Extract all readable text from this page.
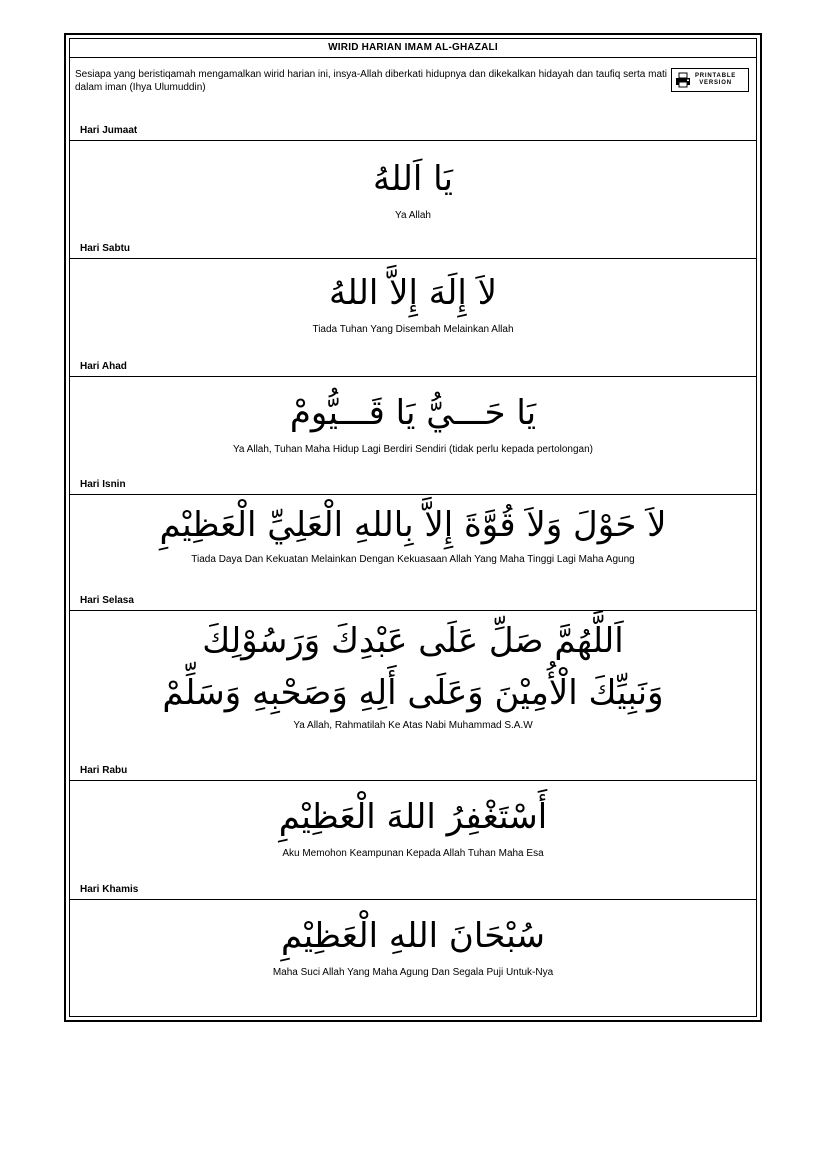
WIRID HARIAN IMAM AL-GHAZALI
Sesiapa yang beristiqamah mengamalkan wirid harian ini, insya-Allah diberkati hidupnya dan dikekalkan hidayah dan taufiq serta mati dalam iman (Ihya Ulumuddin)
PRINTABLE
VERSION
Hari Jumaat
يَا اَللهُ
Ya Allah
Hari Sabtu
لاَ إِلَهَ إِلاَّ اللهُ
Tiada Tuhan Yang Disembah Melainkan Allah
Hari Ahad
يَا حَـــيُّ يَا قَـــيُّومْ
Ya Allah, Tuhan Maha Hidup Lagi Berdiri Sendiri (tidak perlu kepada pertolongan)
Hari Isnin
لاَ حَوْلَ وَلاَ قُوَّةَ إِلاَّ بِاللهِ الْعَلِيِّ الْعَظِيْمِ
Tiada Daya Dan Kekuatan Melainkan Dengan Kekuasaan Allah Yang Maha Tinggi Lagi Maha Agung
Hari Selasa
اَللَّهُمَّ صَلِّ عَلَى عَبْدِكَ وَرَسُوْلِكَ
وَنَبِيِّكَ الْأُمِيْنَ وَعَلَى أَلِهِ وَصَحْبِهِ وَسَلِّمْ
Ya Allah, Rahmatilah Ke Atas Nabi Muhammad S.A.W
Hari Rabu
أَسْتَغْفِرُ اللهَ الْعَظِيْمِ
Aku Memohon Keampunan Kepada Allah Tuhan Maha Esa
Hari Khamis
سُبْحَانَ اللهِ الْعَظِيْمِ
Maha Suci Allah Yang Maha Agung Dan Segala Puji Untuk-Nya
